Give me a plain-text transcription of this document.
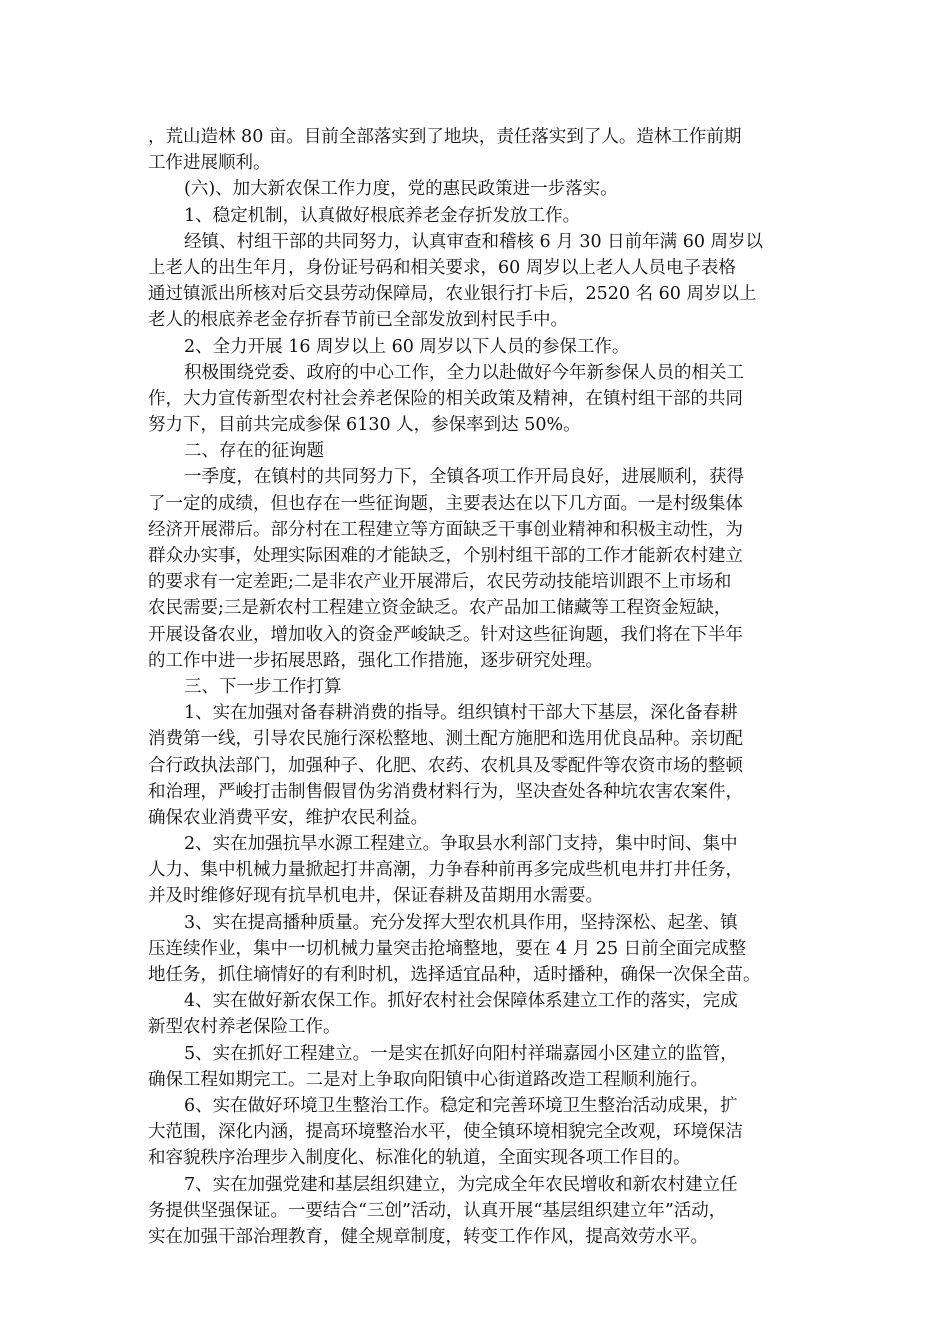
，荒山造林 80 亩。目前全部落实到了地块，责任落实到了人。造林工作前期
工作进展顺利。
(六)、加大新农保工作力度，党的惠民政策进一步落实。
1、稳定机制，认真做好根底养老金存折发放工作。
经镇、村组干部的共同努力，认真审查和稽核 6 月 30 日前年满 60 周岁以
上老人的出生年月，身份证号码和相关要求，60 周岁以上老人人员电子表格
通过镇派出所核对后交县劳动保障局，农业银行打卡后，2520 名 60 周岁以上
老人的根底养老金存折春节前已全部发放到村民手中。
2、全力开展 16 周岁以上 60 周岁以下人员的参保工作。
积极围绕党委、政府的中心工作，全力以赴做好今年新参保人员的相关工
作，大力宣传新型农村社会养老保险的相关政策及精神，在镇村组干部的共同
努力下，目前共完成参保 6130 人，参保率到达 50%。
二、存在的征询题
一季度，在镇村的共同努力下，全镇各项工作开局良好，进展顺利，获得
了一定的成绩，但也存在一些征询题，主要表达在以下几方面。一是村级集体
经济开展滞后。部分村在工程建立等方面缺乏干事创业精神和积极主动性，为
群众办实事，处理实际困难的才能缺乏，个别村组干部的工作才能新农村建立
的要求有一定差距;二是非农产业开展滞后，农民劳动技能培训跟不上市场和
农民需要;三是新农村工程建立资金缺乏。农产品加工储藏等工程资金短缺，
开展设备农业，增加收入的资金严峻缺乏。针对这些征询题，我们将在下半年
的工作中进一步拓展思路，强化工作措施，逐步研究处理。
三、下一步工作打算
1、实在加强对备春耕消费的指导。组织镇村干部大下基层，深化备春耕
消费第一线，引导农民施行深松整地、测土配方施肥和选用优良品种。亲切配
合行政执法部门，加强种子、化肥、农药、农机具及零配件等农资市场的整顿
和治理，严峻打击制售假冒伪劣消费材料行为，坚决查处各种坑农害农案件，
确保农业消费平安，维护农民利益。
2、实在加强抗旱水源工程建立。争取县水利部门支持，集中时间、集中
人力、集中机械力量掀起打井高潮，力争春种前再多完成些机电井打井任务，
并及时维修好现有抗旱机电井，保证春耕及苗期用水需要。
3、实在提高播种质量。充分发挥大型农机具作用，坚持深松、起垄、镇
压连续作业，集中一切机械力量突击抢墒整地，要在 4 月 25 日前全面完成整
地任务，抓住墒情好的有利时机，选择适宜品种，适时播种，确保一次保全苗。
4、实在做好新农保工作。抓好农村社会保障体系建立工作的落实，完成
新型农村养老保险工作。
5、实在抓好工程建立。一是实在抓好向阳村祥瑞嘉园小区建立的监管，
确保工程如期完工。二是对上争取向阳镇中心街道路改造工程顺利施行。
6、实在做好环境卫生整治工作。稳定和完善环境卫生整治活动成果，扩
大范围，深化内涵，提高环境整治水平，使全镇环境相貌完全改观，环境保洁
和容貌秩序治理步入制度化、标准化的轨道，全面实现各项工作目的。
7、实在加强党建和基层组织建立，为完成全年农民增收和新农村建立任
务提供坚强保证。一要结合“三创”活动，认真开展“基层组织建立年”活动，
实在加强干部治理教育，健全规章制度，转变工作作风，提高效劳水平。
